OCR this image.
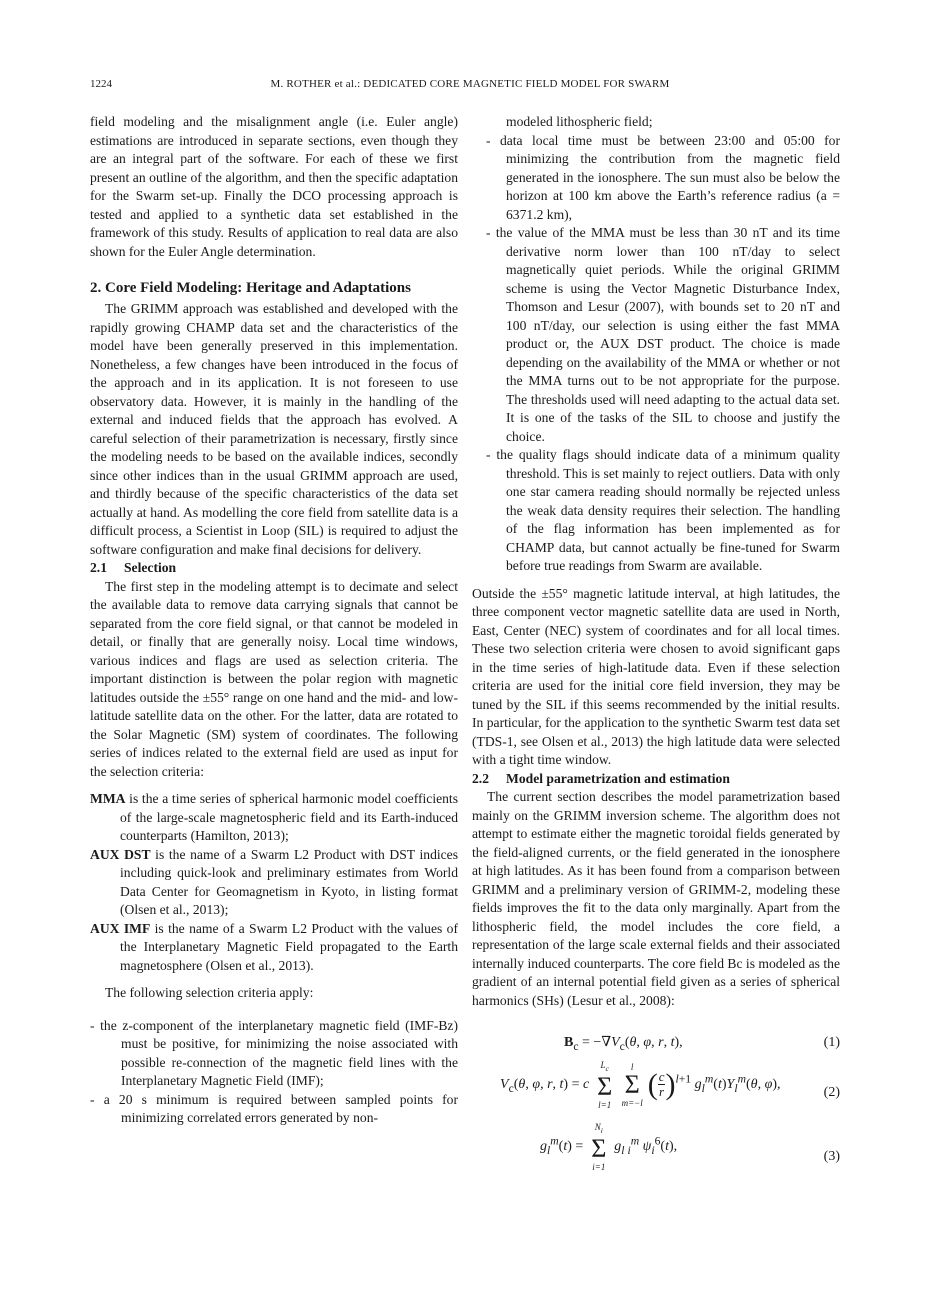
1224	M. ROTHER et al.: DEDICATED CORE MAGNETIC FIELD MODEL FOR SWARM

field modeling and the misalignment angle (i.e. Euler angle) estimations are introduced in separate sections, even though they are an integral part of the software. For each of these we first present an outline of the algorithm, and then the specific adaptation for the Swarm set-up. Finally the DCO processing approach is tested and applied to a synthetic data set established in the framework of this study. Results of application to real data are also shown for the Euler Angle determination.

2. Core Field Modeling: Heritage and Adaptations

The GRIMM approach was established and developed with the rapidly growing CHAMP data set and the characteristics of the model have been generally preserved in this implementation. Nonetheless, a few changes have been introduced in the focus of the approach and in its application. It is not foreseen to use observatory data. However, it is mainly in the handling of the external and induced fields that the approach has evolved. A careful selection of their parametrization is necessary, firstly since the modeling needs to be based on the available indices, secondly since other indices than in the usual GRIMM approach are used, and thirdly because of the specific characteristics of the data set actually at hand. As modelling the core field from satellite data is a difficult process, a Scientist in Loop (SIL) is required to adjust the software configuration and make final decisions for delivery.

2.1 Selection

The first step in the modeling attempt is to decimate and select the available data to remove data carrying signals that cannot be separated from the core field signal, or that cannot be modeled in detail, or finally that are generally noisy. Local time windows, various indices and flags are used as selection criteria. The important distinction is between the polar region with magnetic latitudes outside the ±55° range on one hand and the mid- and low-latitude satellite data on the other. For the latter, data are rotated to the Solar Magnetic (SM) system of coordinates. The following series of indices related to the external field are used as input for the selection criteria:

MMA is the a time series of spherical harmonic model coefficients of the large-scale magnetospheric field and its Earth-induced counterparts (Hamilton, 2013);

AUX DST is the name of a Swarm L2 Product with DST indices including quick-look and preliminary estimates from World Data Center for Geomagnetism in Kyoto, in listing format (Olsen et al., 2013);

AUX IMF is the name of a Swarm L2 Product with the values of the Interplanetary Magnetic Field propagated to the Earth magnetosphere (Olsen et al., 2013).

The following selection criteria apply:

- the z-component of the interplanetary magnetic field (IMF-Bz) must be positive, for minimizing the noise associated with possible re-connection of the magnetic field lines with the Interplanetary Magnetic Field (IMF);

- a 20 s minimum is required between sampled points for minimizing correlated errors generated by non-

modeled lithospheric field;

- data local time must be between 23:00 and 05:00 for minimizing the contribution from the magnetic field generated in the ionosphere. The sun must also be below the horizon at 100 km above the Earth’s reference radius (a = 6371.2 km),

- the value of the MMA must be less than 30 nT and its time derivative norm lower than 100 nT/day to select magnetically quiet periods. While the original GRIMM scheme is using the Vector Magnetic Disturbance Index, Thomson and Lesur (2007), with bounds set to 20 nT and 100 nT/day, our selection is using either the fast MMA product or, the AUX DST product. The choice is made depending on the availability of the MMA or whether or not the MMA turns out to be not appropriate for the purpose. The thresholds used will need adapting to the actual data set. It is one of the tasks of the SIL to choose and justify the choice.

- the quality flags should indicate data of a minimum quality threshold. This is set mainly to reject outliers. Data with only one star camera reading should normally be rejected unless the weak data density requires their selection. The handling of the flag information has been implemented as for CHAMP data, but cannot actually be fine-tuned for Swarm before true readings from Swarm are available.

Outside the ±55° magnetic latitude interval, at high latitudes, the three component vector magnetic satellite data are used in North, East, Center (NEC) system of coordinates and for all local times. These two selection criteria were chosen to avoid significant gaps in the time series of high-latitude data. Even if these selection criteria are used for the initial core field inversion, they may be tuned by the SIL if this seems recommended by the initial results. In particular, for the application to the synthetic Swarm test data set (TDS-1, see Olsen et al., 2013) the high latitude data were selected with a tight time window.

2.2 Model parametrization and estimation

The current section describes the model parametrization based mainly on the GRIMM inversion scheme. The algorithm does not attempt to estimate either the magnetic toroidal fields generated by the field-aligned currents, or the field generated in the ionosphere at high latitudes. As it has been found from a comparison between GRIMM and a preliminary version of GRIMM-2, modeling these fields improves the fit to the data only marginally. Apart from the lithospheric field, the model includes the core field, a representation of the large scale external fields and their associated internally induced counterparts. The core field Bc is modeled as the gradient of an internal potential field given as a series of spherical harmonics (SHs) (Lesur et al., 2008):

$B_c = -\nabla V_c(\theta$, φ, r, t),	(1)
$V_c(\theta$, φ, r, t) = c
$L_c$
Σ
l=1

l
Σ
m=−l
( $\frac{c}{r} )^{l+1}$ $g_l^m(t)Y_l^m(\theta$, φ),
(2)
$g_l^m(t)$ =
$N_i$
Σ
i=1
$g_{l i}^m$ $\psi_i^6(t)$,
(3)
